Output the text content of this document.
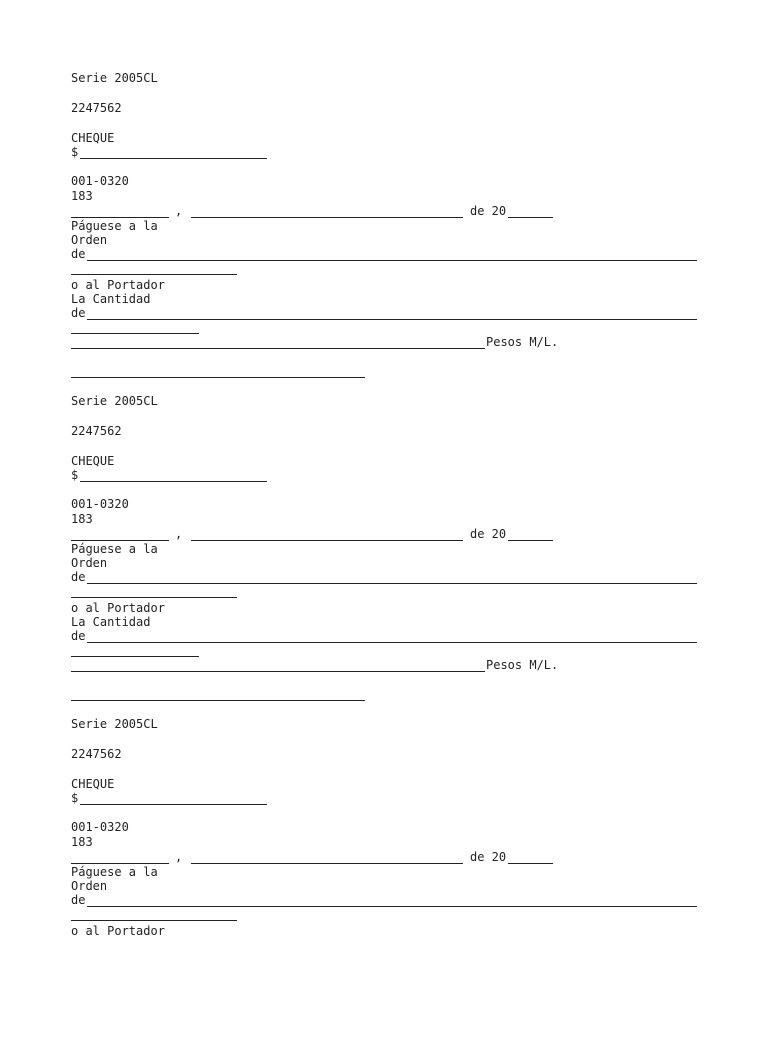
Serie 2005CL
2247562
CHEQUE
$
001-0320
183
,	de 20
Páguese a la
Orden
de
o al Portador
La Cantidad
de
Pesos M/L.
Serie 2005CL
2247562
CHEQUE
$
001-0320
183
,	de 20
Páguese a la
Orden
de
o al Portador
La Cantidad
de
Pesos M/L.
Serie 2005CL
2247562
CHEQUE
$
001-0320
183
,	de 20
Páguese a la
Orden
de
o al Portador
